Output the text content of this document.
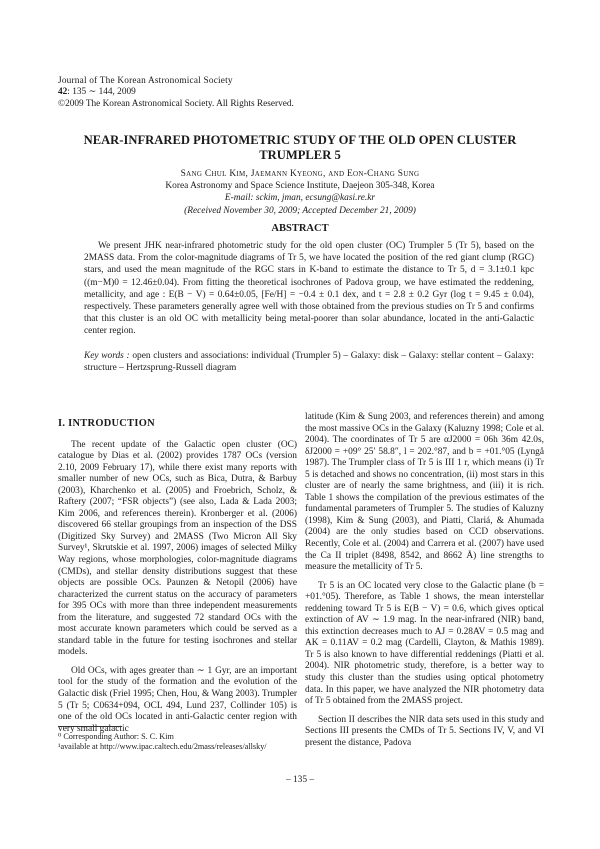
Journal of The Korean Astronomical Society
42: 135 ∼ 144, 2009
©2009 The Korean Astronomical Society. All Rights Reserved.
NEAR-INFRARED PHOTOMETRIC STUDY OF THE OLD OPEN CLUSTER TRUMPLER 5
Sang Chul Kim, Jaemann Kyeong, and Eon-Chang Sung
Korea Astronomy and Space Science Institute, Daejeon 305-348, Korea
E-mail: sckim, jman, ecsung@kasi.re.kr
(Received November 30, 2009; Accepted December 21, 2009)
ABSTRACT
We present JHK near-infrared photometric study for the old open cluster (OC) Trumpler 5 (Tr 5), based on the 2MASS data. From the color-magnitude diagrams of Tr 5, we have located the position of the red giant clump (RGC) stars, and used the mean magnitude of the RGC stars in K-band to estimate the distance to Tr 5, d = 3.1±0.1 kpc ((m−M)0 = 12.46±0.04). From fitting the theoretical isochrones of Padova group, we have estimated the reddening, metallicity, and age : E(B − V) = 0.64±0.05, [Fe/H] = −0.4 ± 0.1 dex, and t = 2.8 ± 0.2 Gyr (log t = 9.45 ± 0.04), respectively. These parameters generally agree well with those obtained from the previous studies on Tr 5 and confirms that this cluster is an old OC with metallicity being metal-poorer than solar abundance, located in the anti-Galactic center region.
Key words : open clusters and associations: individual (Trumpler 5) – Galaxy: disk – Galaxy: stellar content – Galaxy: structure – Hertzsprung-Russell diagram
I. INTRODUCTION

The recent update of the Galactic open cluster (OC) catalogue by Dias et al. (2002) provides 1787 OCs (version 2.10, 2009 February 17), while there exist many reports with smaller number of new OCs, such as Bica, Dutra, & Barbuy (2003), Kharchenko et al. (2005) and Froebrich, Scholz, & Raftery (2007; “FSR objects”) (see also, Lada & Lada 2003; Kim 2006, and references therein). Kronberger et al. (2006) discovered 66 stellar groupings from an inspection of the DSS (Digitized Sky Survey) and 2MASS (Two Micron All Sky Survey¹, Skrutskie et al. 1997, 2006) images of selected Milky Way regions, whose morphologies, color-magnitude diagrams (CMDs), and stellar density distributions suggest that these objects are possible OCs. Paunzen & Netopil (2006) have characterized the current status on the accuracy of parameters for 395 OCs with more than three independent measurements from the literature, and suggested 72 standard OCs with the most accurate known parameters which could be served as a standard table in the future for testing isochrones and stellar models.

Old OCs, with ages greater than ∼ 1 Gyr, are an important tool for the study of the formation and the evolution of the Galactic disk (Friel 1995; Chen, Hou, & Wang 2003). Trumpler 5 (Tr 5; C0634+094, OCL 494, Lund 237, Collinder 105) is one of the old OCs located in anti-Galactic center region with very small galactic

latitude (Kim & Sung 2003, and references therein) and among the most massive OCs in the Galaxy (Kaluzny 1998; Cole et al. 2004). The coordinates of Tr 5 are αJ2000 = 06h 36m 42.0s, δJ2000 = +09° 25′ 58.8″, l = 202.°87, and b = +01.°05 (Lyngå 1987). The Trumpler class of Tr 5 is III 1 r, which means (i) Tr 5 is detached and shows no concentration, (ii) most stars in this cluster are of nearly the same brightness, and (iii) it is rich. Table 1 shows the compilation of the previous estimates of the fundamental parameters of Trumpler 5. The studies of Kaluzny (1998), Kim & Sung (2003), and Piatti, Clariá, & Ahumada (2004) are the only studies based on CCD observations. Recently, Cole et al. (2004) and Carrera et al. (2007) have used the Ca II triplet (8498, 8542, and 8662 Å) line strengths to measure the metallicity of Tr 5.

Tr 5 is an OC located very close to the Galactic plane (b = +01.°05). Therefore, as Table 1 shows, the mean interstellar reddening toward Tr 5 is E(B − V) = 0.6, which gives optical extinction of AV ∼ 1.9 mag. In the near-infrared (NIR) band, this extinction decreases much to AJ = 0.28AV = 0.5 mag and AK = 0.11AV = 0.2 mag (Cardelli, Clayton, & Mathis 1989). Tr 5 is also known to have differential reddenings (Piatti et al. 2004). NIR photometric study, therefore, is a better way to study this cluster than the studies using optical photometry data. In this paper, we have analyzed the NIR photometry data of Tr 5 obtained from the 2MASS project.

Section II describes the NIR data sets used in this study and Sections III presents the CMDs of Tr 5. Sections IV, V, and VI present the distance, Padova

⁰ Corresponding Author: S. C. Kim
¹available at http://www.ipac.caltech.edu/2mass/releases/allsky/
– 135 –
